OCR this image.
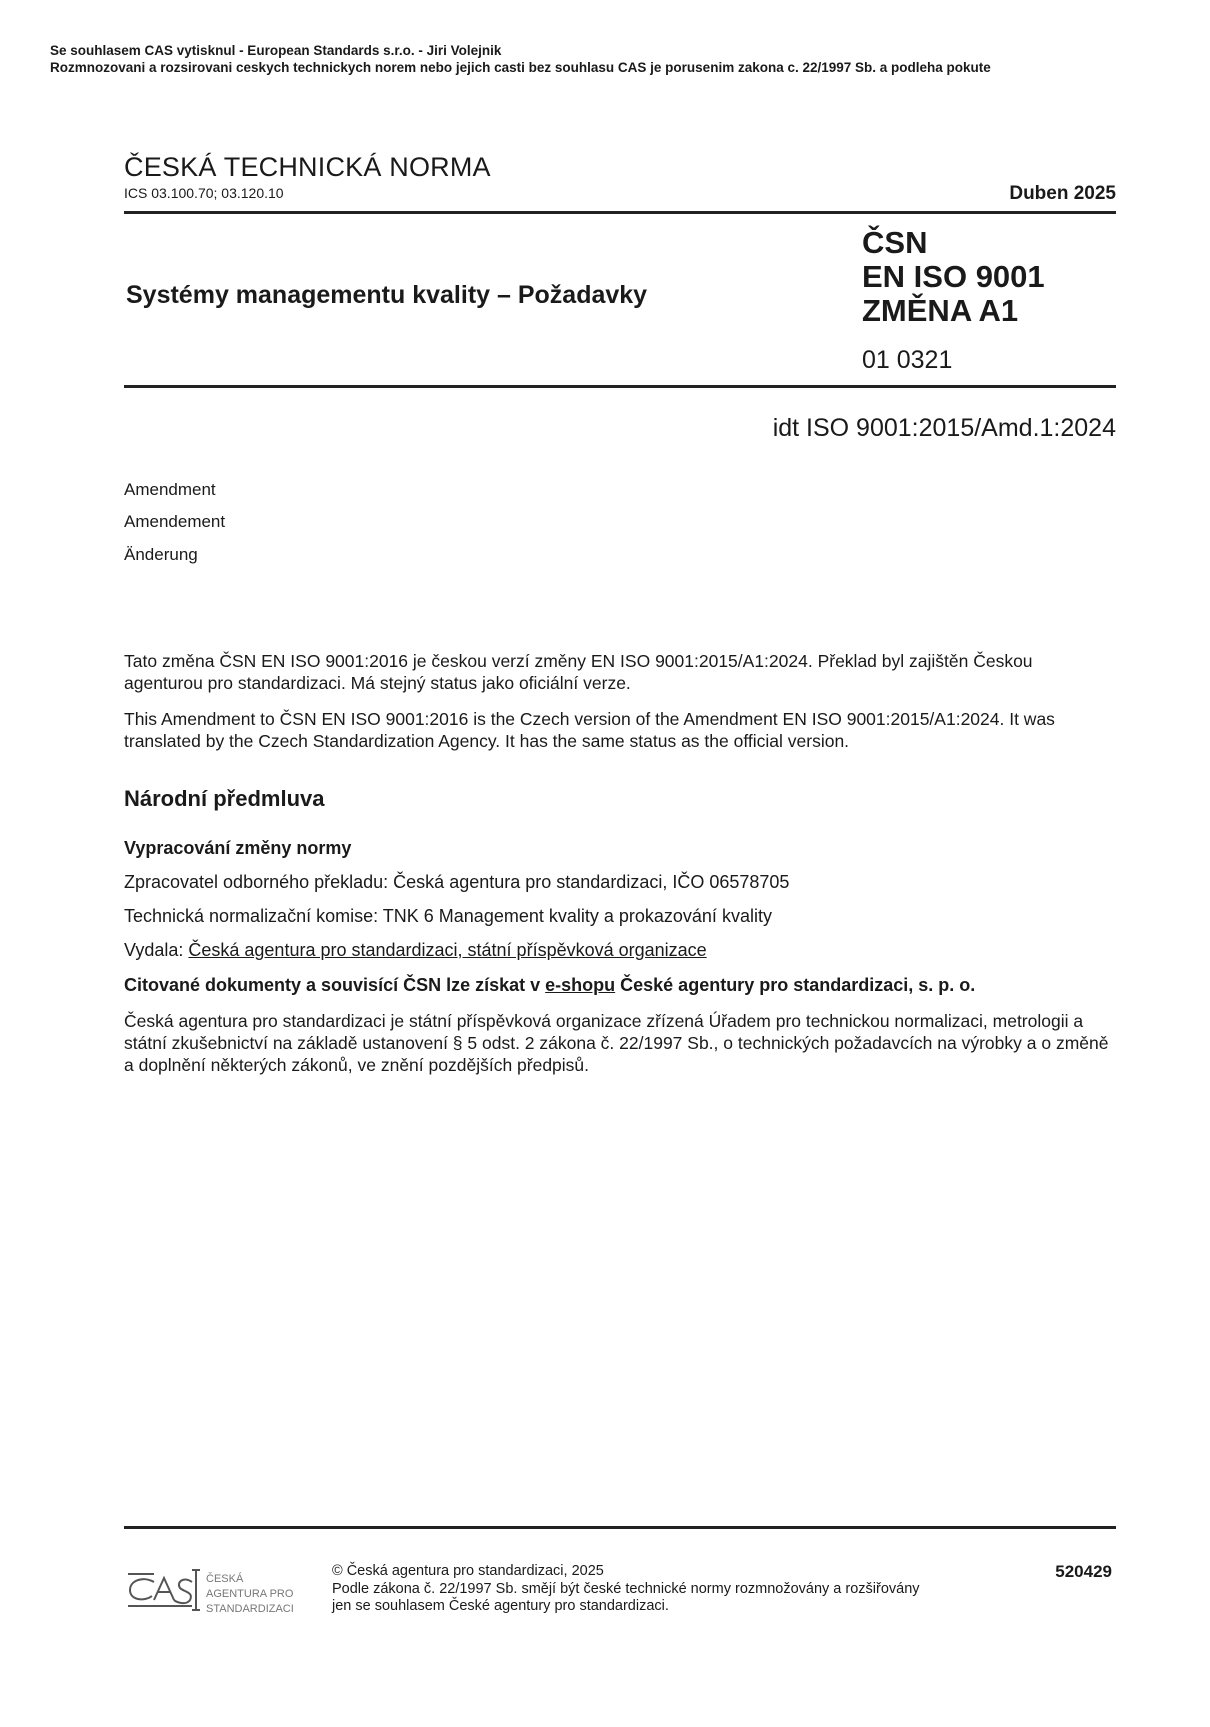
Se souhlasem CAS vytisknul - European Standards s.r.o. - Jiri Volejnik
Rozmnozovani a rozsirovani ceskych technickych norem nebo jejich casti bez souhlasu CAS je porusenim zakona c. 22/1997 Sb. a podleha pokute
ČESKÁ TECHNICKÁ NORMA
ICS 03.100.70; 03.120.10	Duben 2025
Systémy managementu kvality – Požadavky
ČSN
EN ISO 9001
ZMĚNA A1
01 0321
idt ISO 9001:2015/Amd.1:2024
Amendment
Amendement
Änderung
Tato změna ČSN EN ISO 9001:2016 je českou verzí změny EN ISO 9001:2015/A1:2024. Překlad byl zajištěn Českou agenturou pro standardizaci. Má stejný status jako oficiální verze.
This Amendment to ČSN EN ISO 9001:2016 is the Czech version of the Amendment EN ISO 9001:2015/A1:2024. It was translated by the Czech Standardization Agency. It has the same status as the official version.
Národní předmluva
Vypracování změny normy
Zpracovatel odborného překladu: Česká agentura pro standardizaci, IČO 06578705
Technická normalizační komise: TNK 6 Management kvality a prokazování kvality
Vydala: Česká agentura pro standardizaci, státní příspěvková organizace
Citované dokumenty a souvisící ČSN lze získat v e-shopu České agentury pro standardizaci, s. p. o.
Česká agentura pro standardizaci je státní příspěvková organizace zřízená Úřadem pro technickou normalizaci, metrologii a státní zkušebnictví na základě ustanovení § 5 odst. 2 zákona č. 22/1997 Sb., o technických požadavcích na výrobky a o změně a doplnění některých zákonů, ve znění pozdějších předpisů.
ČESKÁ
AGENTURA PRO
STANDARDIZACI
© Česká agentura pro standardizaci, 2025
Podle zákona č. 22/1997 Sb. smějí být české technické normy rozmnožovány a rozšiřovány
jen se souhlasem České agentury pro standardizaci.
520429
